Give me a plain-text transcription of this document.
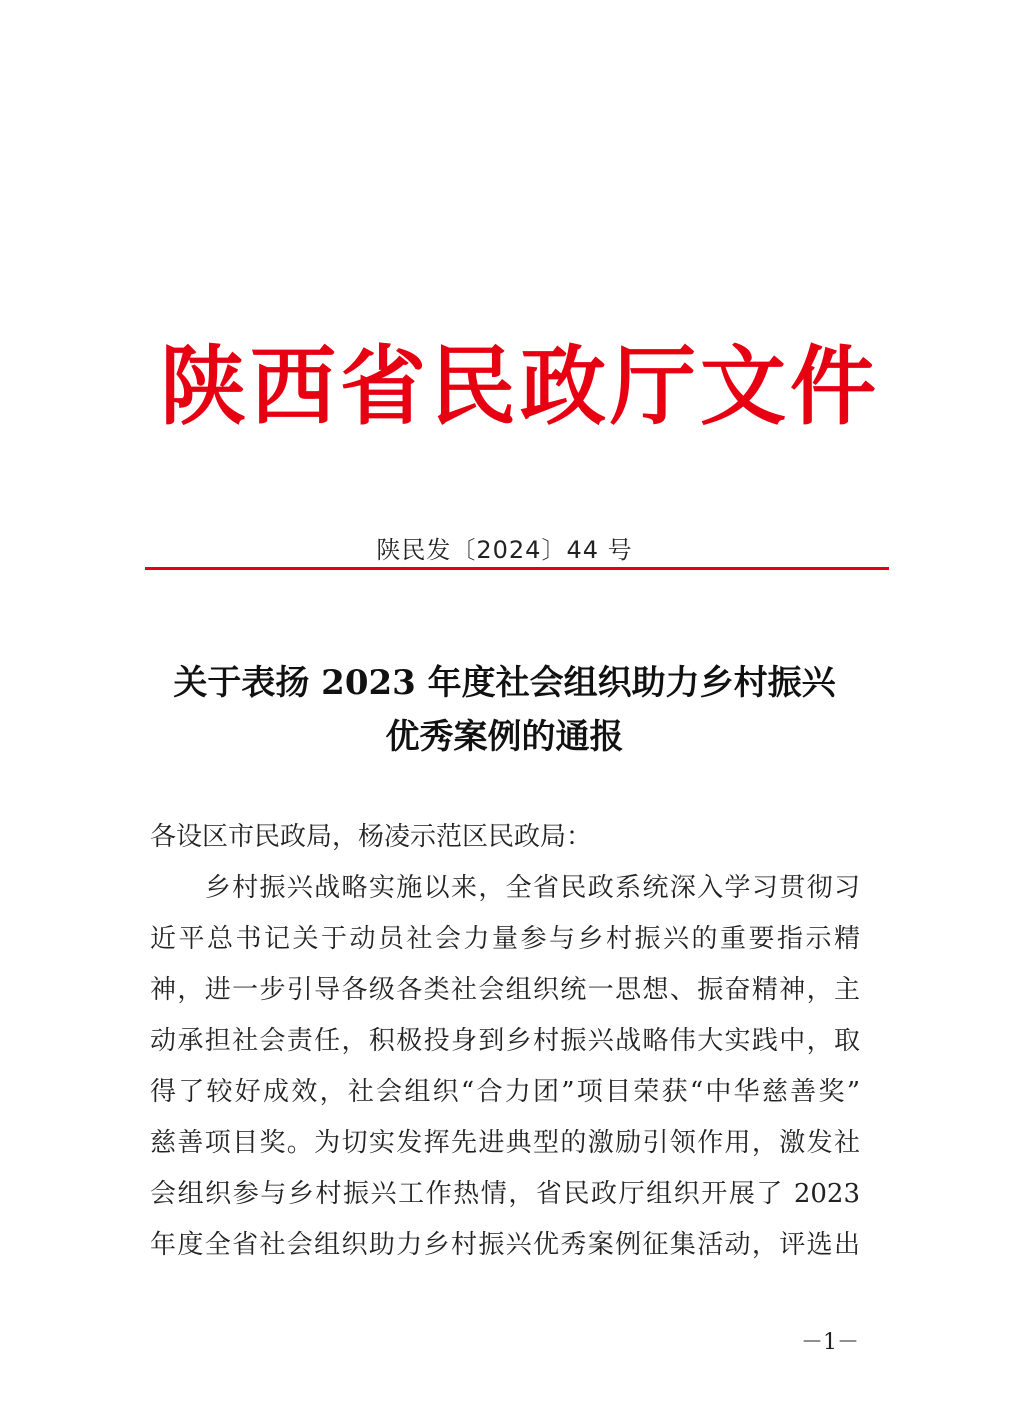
陕西省民政厅文件
陕民发〔2024〕44 号
关于表扬 2023 年度社会组织助力乡村振兴
优秀案例的通报
各设区市民政局，杨凌示范区民政局：
　　乡村振兴战略实施以来，全省民政系统深入学习贯彻习
近平总书记关于动员社会力量参与乡村振兴的重要指示精
神，进一步引导各级各类社会组织统一思想、振奋精神，主
动承担社会责任，积极投身到乡村振兴战略伟大实践中，取
得了较好成效，社会组织“合力团”项目荣获“中华慈善奖”
慈善项目奖。为切实发挥先进典型的激励引领作用，激发社
会组织参与乡村振兴工作热情，省民政厅组织开展了 2023
年度全省社会组织助力乡村振兴优秀案例征集活动，评选出
－1－
